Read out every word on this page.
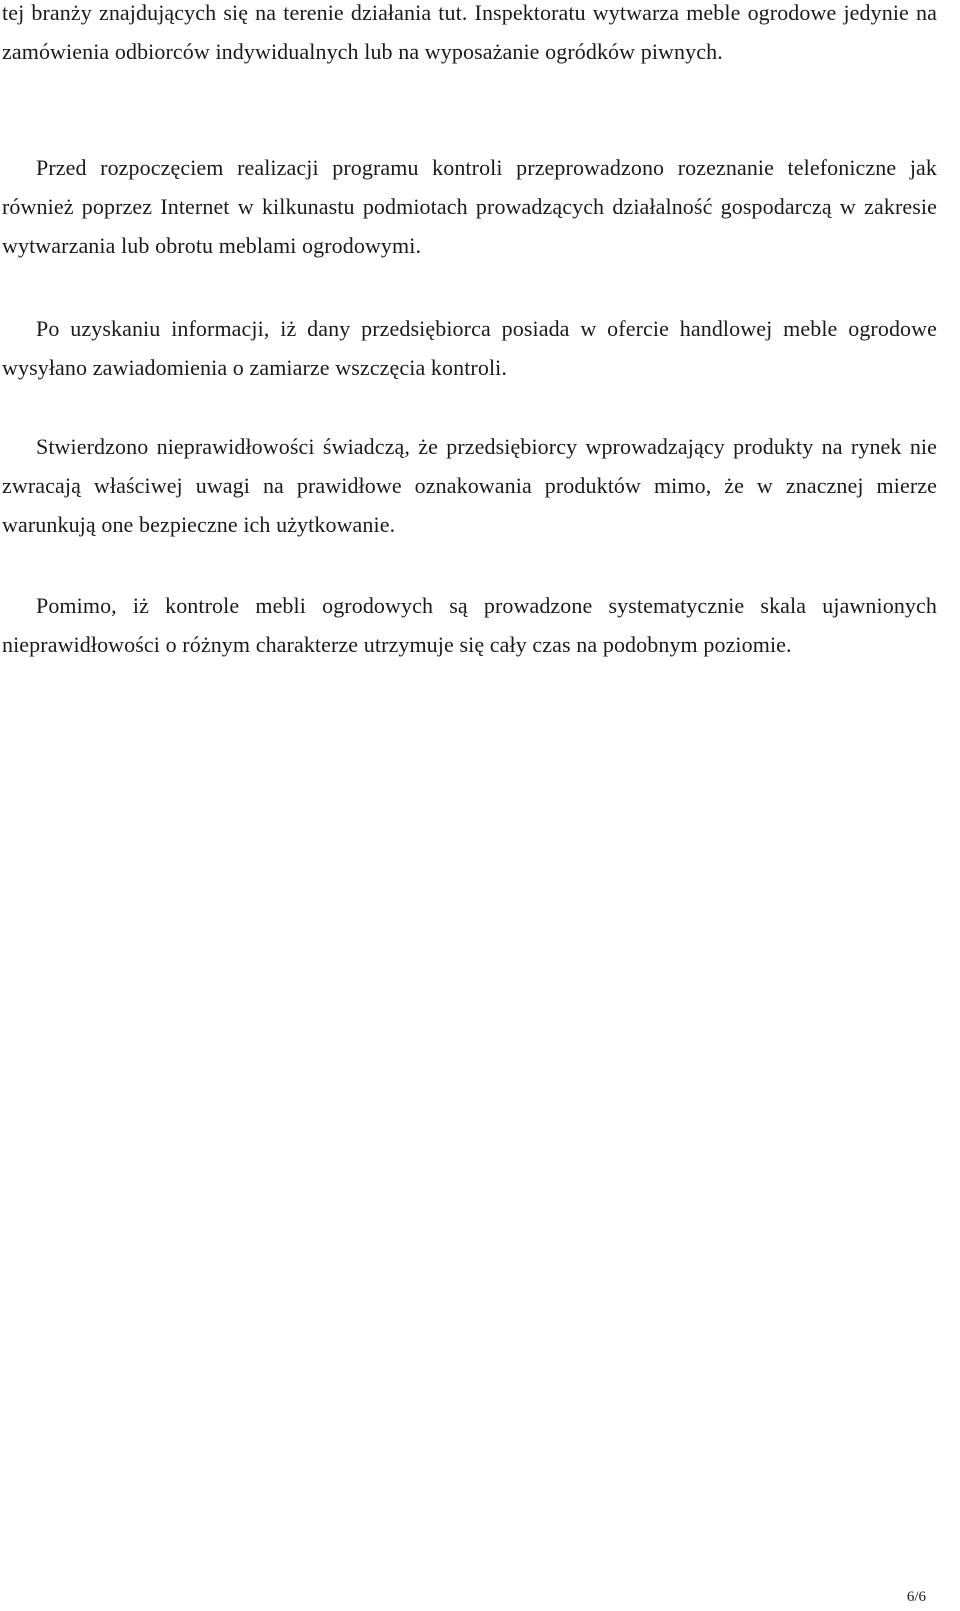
tej branży znajdujących się na terenie działania tut. Inspektoratu wytwarza meble ogrodowe jedynie na zamówienia odbiorców indywidualnych lub na wyposażanie ogródków piwnych.

Przed rozpoczęciem realizacji programu kontroli przeprowadzono rozeznanie telefoniczne jak również poprzez Internet w kilkunastu podmiotach prowadzących działalność gospodarczą w zakresie wytwarzania lub obrotu meblami ogrodowymi.

Po uzyskaniu informacji, iż dany przedsiębiorca posiada w ofercie handlowej meble ogrodowe wysyłano zawiadomienia o zamiarze wszczęcia kontroli.

Stwierdzono nieprawidłowości świadczą, że przedsiębiorcy wprowadzający produkty na rynek nie zwracają właściwej uwagi na prawidłowe oznakowania produktów mimo, że w znacznej mierze warunkują one bezpieczne ich użytkowanie.

Pomimo, iż kontrole mebli ogrodowych są prowadzone systematycznie skala ujawnionych nieprawidłowości o różnym charakterze utrzymuje się cały czas na podobnym poziomie.

6/6
